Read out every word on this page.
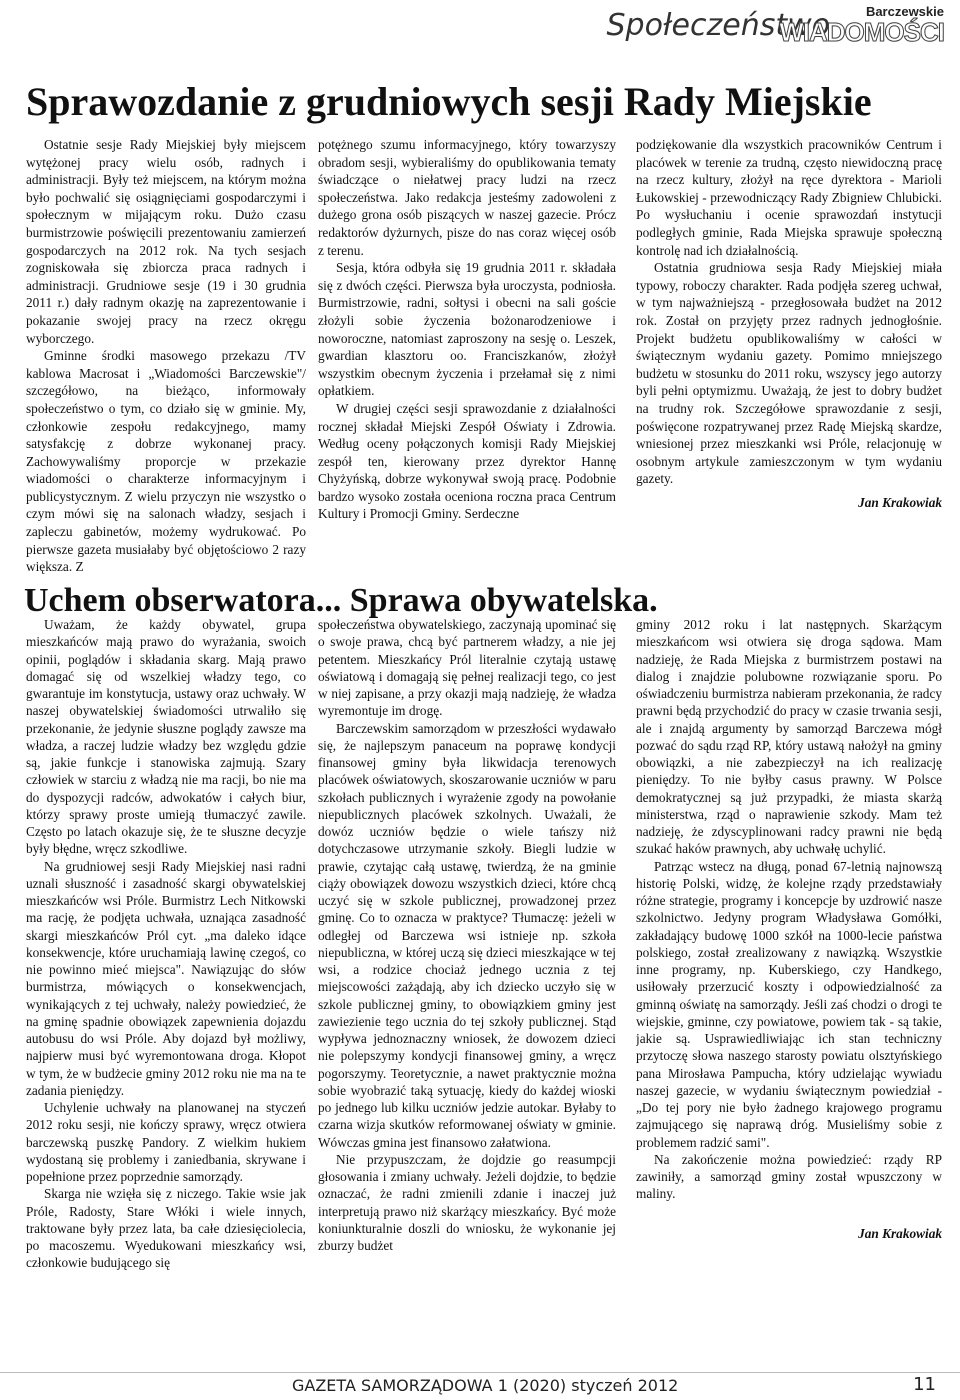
Społeczeństwo	Barczewskie
WIADOMOŚCI
Sprawozdanie z grudniowych sesji Rady Miejskie

Ostatnie sesje Rady Miejskiej były miejscem wytężonej pracy wielu osób, radnych i administracji. Były też miejscem, na którym można było pochwalić się osiągnięciami gospodarczymi i społecznym w mijającym roku. Dużo czasu burmistrzowie poświęcili prezentowaniu zamierzeń gospodarczych na 2012 rok. Na tych sesjach zogniskowała się zbiorcza praca radnych i administracji. Grudniowe sesje (19 i 30 grudnia 2011 r.) dały radnym okazję na zaprezentowanie i pokazanie swojej pracy na rzecz okręgu wyborczego.

Gminne środki masowego przekazu /TV kablowa Macrosat i „Wiadomości Barczewskie"/ szczegółowo, na bieżąco, informowały społeczeństwo o tym, co działo się w gminie. My, członkowie zespołu redakcyjnego, mamy satysfakcję z dobrze wykonanej pracy. Zachowywaliśmy proporcje w przekazie wiadomości o charakterze informacyjnym i publicystycznym. Z wielu przyczyn nie wszystko o czym mówi się na salonach władzy, sesjach i zapleczu gabinetów, możemy wydrukować. Po pierwsze gazeta musiałaby być objętościowo 2 razy większa. Z

potężnego szumu informacyjnego, który towarzyszy obradom sesji, wybieraliśmy do opublikowania tematy świadczące o niełatwej pracy ludzi na rzecz społeczeństwa. Jako redakcja jesteśmy zadowoleni z dużego grona osób piszących w naszej gazecie. Prócz redaktorów dyżurnych, pisze do nas coraz więcej osób z terenu.

Sesja, która odbyła się 19 grudnia 2011 r. składała się z dwóch części. Pierwsza była uroczysta, podniosła. Burmistrzowie, radni, sołtysi i obecni na sali goście złożyli sobie życzenia bożonarodzeniowe i noworoczne, natomiast zaproszony na sesję o. Leszek, gwardian klasztoru oo. Franciszkanów, złożył wszystkim obecnym życzenia i przełamał się z nimi opłatkiem.

W drugiej części sesji sprawozdanie z działalności rocznej składał Miejski Zespół Oświaty i Zdrowia. Według oceny połączonych komisji Rady Miejskiej zespół ten, kierowany przez dyrektor Hannę Chyżyńską, dobrze wykonywał swoją pracę. Podobnie bardzo wysoko została oceniona roczna praca Centrum Kultury i Promocji Gminy. Serdeczne

podziękowanie dla wszystkich pracowników Centrum i placówek w terenie za trudną, często niewidoczną pracę na rzecz kultury, złożył na ręce dyrektora - Marioli Łukowskiej - przewodniczący Rady Zbigniew Chlubicki. Po wysłuchaniu i ocenie sprawozdań instytucji podległych gminie, Rada Miejska sprawuje społeczną kontrolę nad ich działalnością.

Ostatnia grudniowa sesja Rady Miejskiej miała typowy, roboczy charakter. Rada podjęła szereg uchwał, w tym najważniejszą - przegłosowała budżet na 2012 rok. Został on przyjęty przez radnych jednogłośnie. Projekt budżetu opublikowaliśmy w całości w świątecznym wydaniu gazety. Pomimo mniejszego budżetu w stosunku do 2011 roku, wszyscy jego autorzy byli pełni optymizmu. Uważają, że jest to dobry budżet na trudny rok. Szczegółowe sprawozdanie z sesji, poświęcone rozpatrywanej przez Radę Miejską skardze, wniesionej przez mieszkanki wsi Próle, relacjonuję w osobnym artykule zamieszczonym w tym wydaniu gazety.

Jan Krakowiak

Uchem obserwatora... Sprawa obywatelska.

Uważam, że każdy obywatel, grupa mieszkańców mają prawo do wyrażania, swoich opinii, poglądów i składania skarg. Mają prawo domagać się od wszelkiej władzy tego, co gwarantuje im konstytucja, ustawy oraz uchwały. W naszej obywatelskiej świadomości utrwaliło się przekonanie, że jedynie słuszne poglądy zawsze ma władza, a raczej ludzie władzy bez względu gdzie są, jakie funkcje i stanowiska zajmują. Szary człowiek w starciu z władzą nie ma racji, bo nie ma do dyspozycji radców, adwokatów i całych biur, którzy sprawy proste umieją tłumaczyć zawile. Często po latach okazuje się, że te słuszne decyzje były błędne, wręcz szkodliwe.

Na grudniowej sesji Rady Miejskiej nasi radni uznali słuszność i zasadność skargi obywatelskiej mieszkańców wsi Próle. Burmistrz Lech Nitkowski ma rację, że podjęta uchwała, uznająca zasadność skargi mieszkańców Pról cyt. „ma daleko idące konsekwencje, które uruchamiają lawinę czegoś, co nie powinno mieć miejsca". Nawiązując do słów burmistrza, mówiących o konsekwencjach, wynikających z tej uchwały, należy powiedzieć, że na gminę spadnie obowiązek zapewnienia dojazdu autobusu do wsi Próle. Aby dojazd był możliwy, najpierw musi być wyremontowana droga. Kłopot w tym, że w budżecie gminy 2012 roku nie ma na te zadania pieniędzy.

Uchylenie uchwały na planowanej na styczeń 2012 roku sesji, nie kończy sprawy, wręcz otwiera barczewską puszkę Pandory. Z wielkim hukiem wydostaną się problemy i zaniedbania, skrywane i popełnione przez poprzednie samorządy.

Skarga nie wzięła się z niczego. Takie wsie jak Próle, Radosty, Stare Włóki i wiele innych, traktowane były przez lata, ba całe dziesięciolecia, po macoszemu. Wyedukowani mieszkańcy wsi, członkowie budującego się

społeczeństwa obywatelskiego, zaczynają upominać się o swoje prawa, chcą być partnerem władzy, a nie jej petentem. Mieszkańcy Pról literalnie czytają ustawę oświatową i domagają się pełnej realizacji tego, co jest w niej zapisane, a przy okazji mają nadzieję, że władza wyremontuje im drogę.

Barczewskim samorządom w przeszłości wydawało się, że najlepszym panaceum na poprawę kondycji finansowej gminy była likwidacja terenowych placówek oświatowych, skoszarowanie uczniów w paru szkołach publicznych i wyrażenie zgody na powołanie niepublicznych placówek szkolnych. Uważali, że dowóz uczniów będzie o wiele tańszy niż dotychczasowe utrzymanie szkoły. Biegli ludzie w prawie, czytając całą ustawę, twierdzą, że na gminie ciąży obowiązek dowozu wszystkich dzieci, które chcą uczyć się w szkole publicznej, prowadzonej przez gminę. Co to oznacza w praktyce? Tłumaczę: jeżeli w odległej od Barczewa wsi istnieje np. szkoła niepubliczna, w której uczą się dzieci mieszkające w tej wsi, a rodzice chociaż jednego ucznia z tej miejscowości zażądają, aby ich dziecko uczyło się w szkole publicznej gminy, to obowiązkiem gminy jest zawiezienie tego ucznia do tej szkoły publicznej. Stąd wypływa jednoznaczny wniosek, że dowozem dzieci nie polepszymy kondycji finansowej gminy, a wręcz pogorszymy. Teoretycznie, a nawet praktycznie można sobie wyobrazić taką sytuację, kiedy do każdej wioski po jednego lub kilku uczniów jedzie autokar. Byłaby to czarna wizja skutków reformowanej oświaty w gminie. Wówczas gmina jest finansowo załatwiona.

Nie przypuszczam, że dojdzie go reasumpcji głosowania i zmiany uchwały. Jeżeli dojdzie, to będzie oznaczać, że radni zmienili zdanie i inaczej już interpretują prawo niż skarżący mieszkańcy. Być może koniunkturalnie doszli do wniosku, że wykonanie jej zburzy budżet

gminy 2012 roku i lat następnych. Skarżącym mieszkańcom wsi otwiera się droga sądowa. Mam nadzieję, że Rada Miejska z burmistrzem postawi na dialog i znajdzie polubowne rozwiązanie sporu. Po oświadczeniu burmistrza nabieram przekonania, że radcy prawni będą przychodzić do pracy w czasie trwania sesji, ale i znajdą argumenty by samorząd Barczewa mógł pozwać do sądu rząd RP, który ustawą nałożył na gminy obowiązki, a nie zabezpieczył na ich realizację pieniędzy. To nie byłby casus prawny. W Polsce demokratycznej są już przypadki, że miasta skarżą ministerstwa, rząd o naprawienie szkody. Mam też nadzieję, że zdyscyplinowani radcy prawni nie będą szukać haków prawnych, aby uchwałę uchylić.

Patrząc wstecz na długą, ponad 67-letnią najnowszą historię Polski, widzę, że kolejne rządy przedstawiały różne strategie, programy i koncepcje by uzdrowić nasze szkolnictwo. Jedyny program Władysława Gomółki, zakładający budowę 1000 szkół na 1000-lecie państwa polskiego, został zrealizowany z nawiązką. Wszystkie inne programy, np. Kuberskiego, czy Handkego, usiłowały przerzucić koszty i odpowiedzialność za gminną oświatę na samorządy. Jeśli zaś chodzi o drogi te wiejskie, gminne, czy powiatowe, powiem tak - są takie, jakie są. Usprawiedliwiając ich stan techniczny przytoczę słowa naszego starosty powiatu olsztyńskiego pana Mirosława Pampucha, który udzielając wywiadu naszej gazecie, w wydaniu świątecznym powiedział - „Do tej pory nie było żadnego krajowego programu zajmującego się naprawą dróg. Musieliśmy sobie z problemem radzić sami".

Na zakończenie można powiedzieć: rządy RP zawiniły, a samorząd gminy został wpuszczony w maliny.

Jan Krakowiak

GAZETA SAMORZĄDOWA 1 (2020) styczeń 2012	11
